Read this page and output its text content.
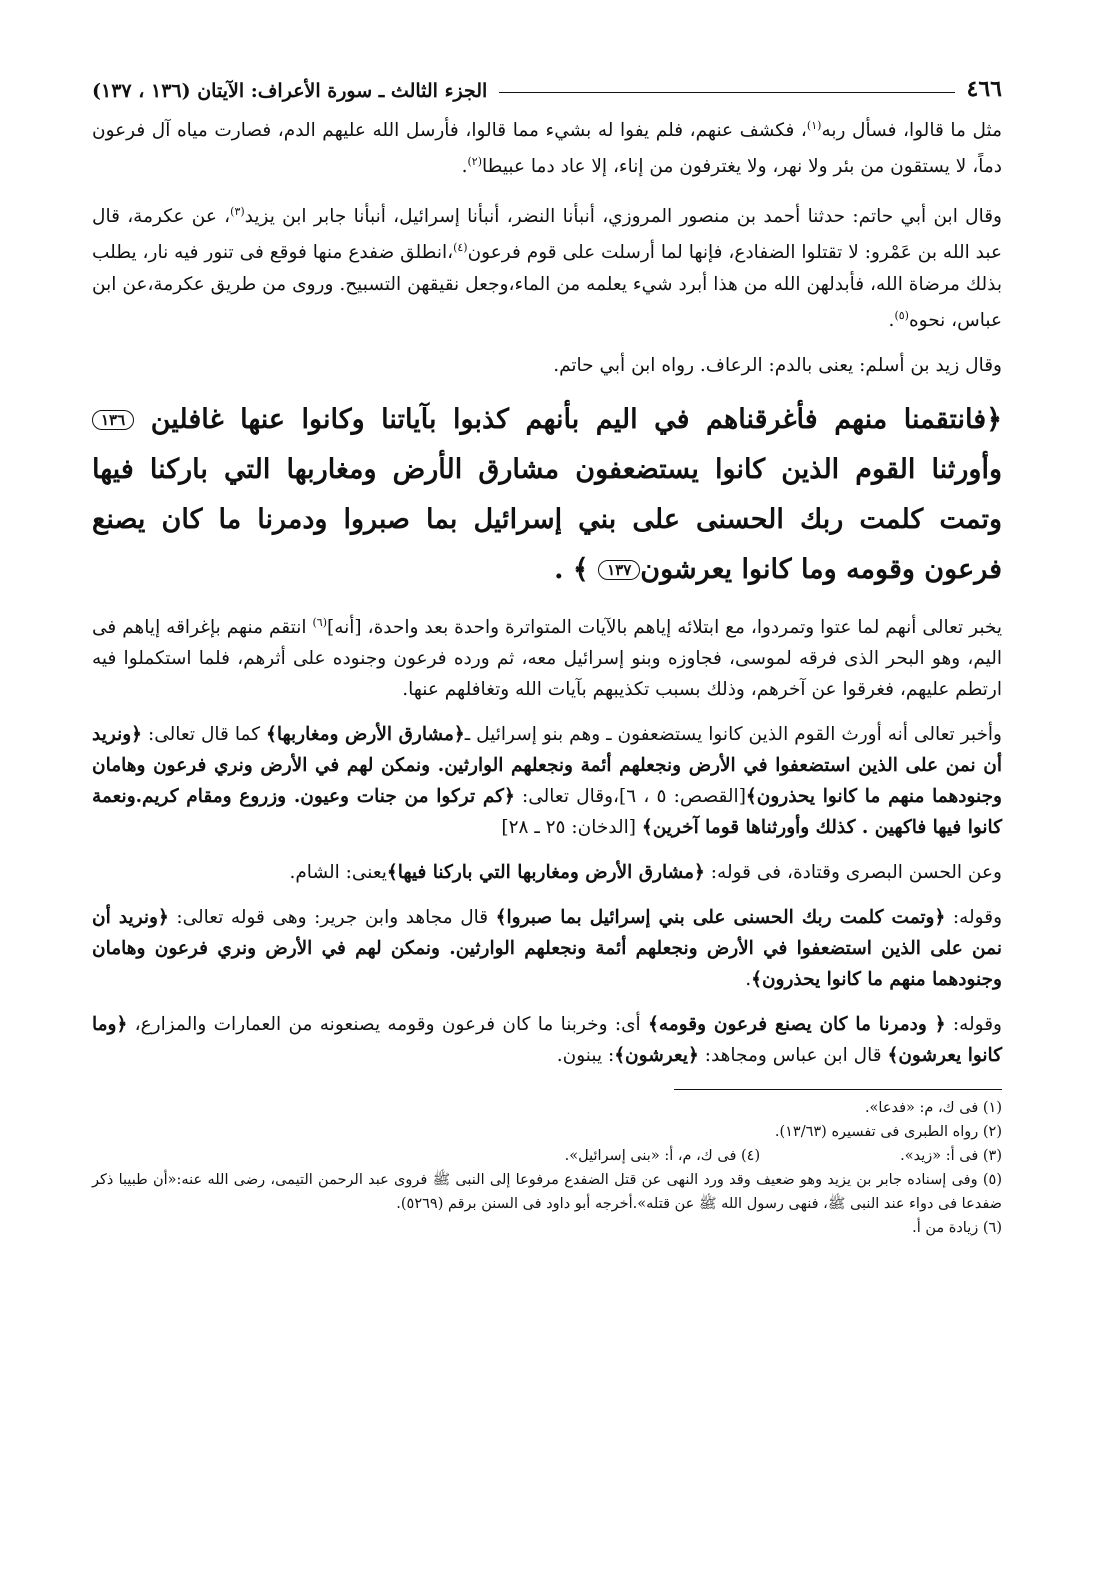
٤٦٦
الجزء الثالث ـ سورة الأعراف: الآيتان (١٣٦ ، ١٣٧)

مثل ما قالوا، فسأل ربه$^{(١)}$، فكشف عنهم، فلم يفوا له بشيء مما قالوا، فأرسل الله عليهم الدم، فصارت مياه آل فرعون دماً، لا يستقون من بئر ولا نهر، ولا يغترفون من إناء، إلا عاد دما عبيطا$^{(٢)}$.

وقال ابن أبي حاتم: حدثنا أحمد بن منصور المروزي، أنبأنا النضر، أنبأنا إسرائيل، أنبأنا جابر ابن يزيد$^{(٣)}$، عن عكرمة، قال عبد الله بن عَمْرو: لا تقتلوا الضفادع، فإنها لما أرسلت على قوم فرعون$^{(٤)}$،انطلق ضفدع منها فوقع فى تنور فيه نار، يطلب بذلك مرضاة الله، فأبدلهن الله من هذا أبرد شيء يعلمه من الماء،وجعل نقيقهن التسبيح. وروى من طريق عكرمة،عن ابن عباس، نحوه$^{(٥)}$.

وقال زيد بن أسلم: يعنى بالدم: الرعاف. رواه ابن أبي حاتم.

﴿فانتقمنا منهم فأغرقناهم في اليم بأنهم كذبوا بآياتنا وكانوا عنها غافلين ١٣٦ وأورثنا القوم الذين كانوا يستضعفون مشارق الأرض ومغاربها التي باركنا فيها وتمت كلمت ربك الحسنى على بني إسرائيل بما صبروا ودمرنا ما كان يصنع فرعون وقومه وما كانوا يعرشون١٣٧ ﴾ .

يخبر تعالى أنهم لما عتوا وتمردوا، مع ابتلائه إياهم بالآيات المتواترة واحدة بعد واحدة، [أنه]$^{(٦)}$ انتقم منهم بإغراقه إياهم فى اليم، وهو البحر الذى فرقه لموسى، فجاوزه وبنو إسرائيل معه، ثم ورده فرعون وجنوده على أثرهم، فلما استكملوا فيه ارتطم عليهم، فغرقوا عن آخرهم، وذلك بسبب تكذيبهم بآيات الله وتغافلهم عنها.

وأخبر تعالى أنه أورث القوم الذين كانوا يستضعفون ـ وهم بنو إسرائيل ـ﴿مشارق الأرض ومغاربها﴾ كما قال تعالى: ﴿ونريد أن نمن على الذين استضعفوا في الأرض ونجعلهم أئمة ونجعلهم الوارثين. ونمكن لهم في الأرض ونري فرعون وهامان وجنودهما منهم ما كانوا يحذرون﴾[القصص: ٥ ، ٦]،وقال تعالى: ﴿كم تركوا من جنات وعيون. وزروع ومقام كريم.ونعمة كانوا فيها فاكهين . كذلك وأورثناها قوما آخرين﴾ [الدخان: ٢٥ ـ ٢٨]

وعن الحسن البصرى وقتادة، فى قوله: ﴿مشارق الأرض ومغاربها التي باركنا فيها﴾يعنى: الشام.

وقوله: ﴿وتمت كلمت ربك الحسنى على بني إسرائيل بما صبروا﴾ قال مجاهد وابن جرير: وهى قوله تعالى: ﴿ونريد أن نمن على الذين استضعفوا في الأرض ونجعلهم أئمة ونجعلهم الوارثين. ونمكن لهم في الأرض ونري فرعون وهامان وجنودهما منهم ما كانوا يحذرون﴾.

وقوله: ﴿ ودمرنا ما كان يصنع فرعون وقومه﴾ أى: وخربنا ما كان فرعون وقومه يصنعونه من العمارات والمزارع، ﴿وما كانوا يعرشون﴾ قال ابن عباس ومجاهد: ﴿يعرشون﴾: يبنون.

(١) فى ك، م: «فدعا».

(٢) رواه الطبرى فى تفسيره (١٣/٦٣).

(٣) فى أ: «زيد».

(٤) فى ك، م، أ: «بنى إسرائيل».

(٥) وفى إسناده جابر بن يزيد وهو ضعيف وقد ورد النهى عن قتل الضفدع مرفوعا إلى النبى ﷺ فروى عبد الرحمن التيمى، رضى الله عنه:«أن طبيبا ذكر ضفدعا فى دواء عند النبى ﷺ، فنهى رسول الله ﷺ عن قتله».أخرجه أبو داود فى السنن برقم (٥٢٦٩).

(٦) زيادة من أ.
